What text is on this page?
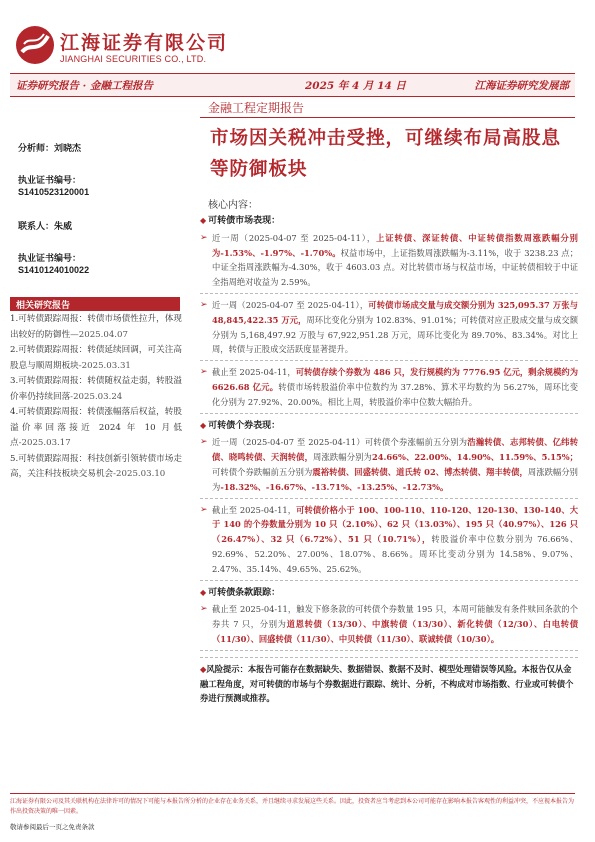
江海证券有限公司
JIANGHAI SECURITIES CO., LTD.
证券研究报告 · 金融工程报告	2025 年 4 月 14 日	江海证券研究发展部
金融工程定期报告
市场因关税冲击受挫，可继续布局高股息等防御板块
分析师：刘晓杰
执业证书编号：
S1410523120001
联系人：朱威
执业证书编号：
S1410124010022
相关研究报告
1.可转债跟踪周报：转债市场债性拉升，体现出较好的防御性—2025.04.07
2.可转债跟踪周报：转债延续回调，可关注高股息与顺周期板块-2025.03.31
3.可转债跟踪周报：转债随权益走弱，转股溢价率仍持续回落-2025.03.24
4.可转债跟踪周报：转债涨幅落后权益，转股溢价率回落接近 2024 年 10 月低点-2025.03.17
5.可转债跟踪周报：科技创新引领转债市场走高，关注科技板块交易机会-2025.03.10
核心内容：
◆ 可转债市场表现：
➢ 近一周（2025-04-07 至 2025-04-11），上证转债、深证转债、中证转债指数周涨跌幅分别为-1.53%、-1.97%、-1.70%。权益市场中，上证指数周涨跌幅为-3.11%，收于 3238.23 点；中证全指周涨跌幅为-4.30%，收于 4603.03 点。对比转债市场与权益市场，中证转债相较于中证全指周绝对收益为 2.59%。
➢ 近一周（2025-04-07 至 2025-04-11），可转债市场成交量与成交额分别为 325,095.37 万张与 48,845,422.35 万元，周环比变化分别为 102.83%、91.01%；可转债对应正股成交量与成交额分别为 5,168,497.92 万股与 67,922,951.28 万元，周环比变化为 89.70%、83.34%。对比上周，转债与正股成交活跃度显著提升。
➢ 截止至 2025-04-11，可转债存续个券数为 486 只，发行规模约为 7776.95 亿元，剩余规模约为 6626.68 亿元。转债市场转股溢价率中位数约为 37.28%、算术平均数约为 56.27%，周环比变化分别为 27.92%、20.00%。相比上周，转股溢价率中位数大幅抬升。
◆ 可转债个券表现：
➢ 近一周（2025-04-07 至 2025-04-11）可转债个券涨幅前五分别为浩瀚转债、志邦转债、亿纬转债、晓鸣转债、天润转债，周涨跌幅分别为24.66%、22.00%、14.90%、11.59%、5.15%；可转债个券跌幅前五分别为震裕转债、回盛转债、道氏转 02、博杰转债、翔丰转债，周涨跌幅分别为-18.32%、-16.67%、-13.71%、-13.25%、-12.73%。
➢ 截止至 2025-04-11，可转债价格小于 100、100-110、110-120、120-130、130-140、大于 140 的个券数量分别为 10 只（2.10%）、62 只（13.03%）、195 只（40.97%）、126 只（26.47%）、32 只（6.72%）、51 只（10.71%），转股溢价率中位数分别为 76.66%、92.69%、52.20%、27.00%、18.07%、8.66%。周环比变动分别为 14.58%、9.07%、2.47%、35.14%、49.65%、25.62%。
◆ 可转债条款跟踪：
➢ 截止至 2025-04-11，触发下修条款的可转债个券数量 195 只，本周可能触发有条件赎回条款的个券共 7 只，分别为道恩转债（13/30）、中旗转债（13/30）、新化转债（12/30）、白电转债（11/30）、回盛转债（11/30）、中贝转债（11/30）、联诚转债（10/30）。
◆风险提示：本报告可能存在数据缺失、数据错误、数据不及时、模型处理错误等风险。本报告仅从金融工程角度，对可转债的市场与个券数据进行跟踪、统计、分析，不构成对市场指数、行业或可转债个券进行预测或推荐。
江海证券有限公司及其关联机构在法律许可的情况下可能与本报告所分析的企业存在业务关系，并且继续寻求发展这些关系。因此，投资者应当考虑到本公司可能存在影响本报告客观性的利益冲突，不应视本报告为作出投资决策的唯一因素。
敬请参阅最后一页之免责条款
